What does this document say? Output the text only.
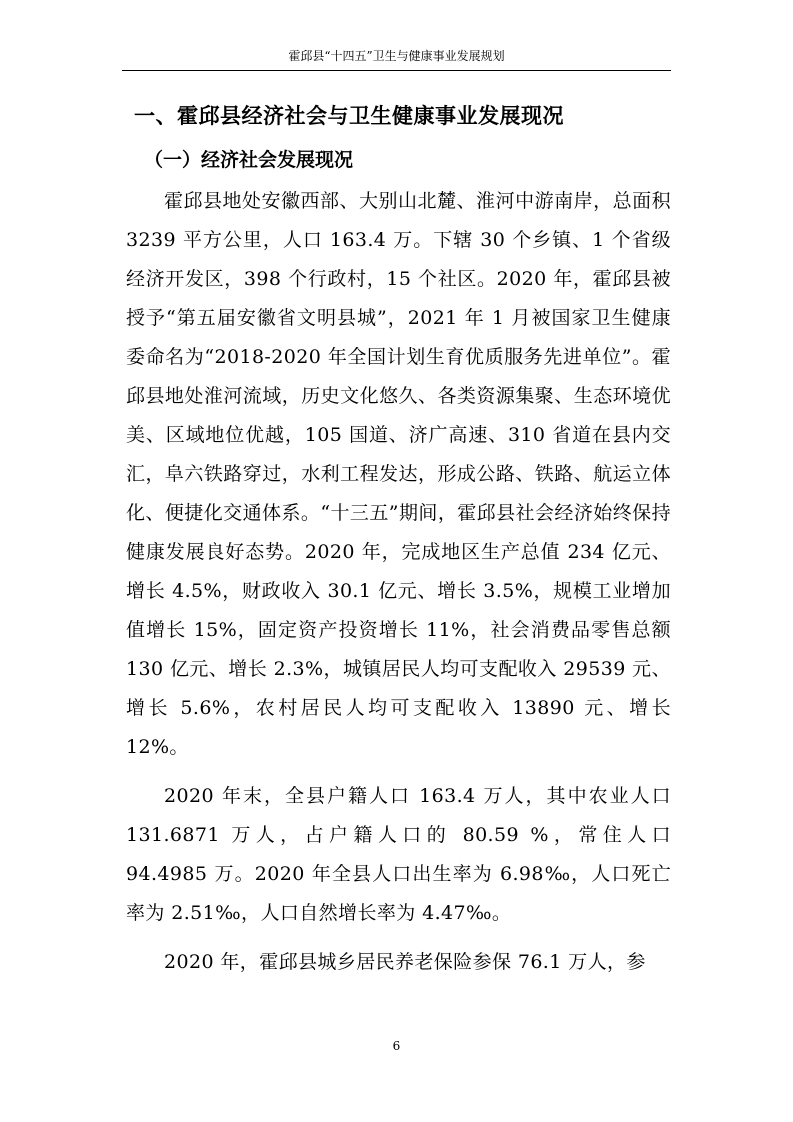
霍邱县“十四五”卫生与健康事业发展规划
一、霍邱县经济社会与卫生健康事业发展现况
（一）经济社会发展现况

霍邱县地处安徽西部、大别山北麓、淮河中游南岸，总面积 3239 平方公里，人口 163.4 万。下辖 30 个乡镇、1 个省级经济开发区，398 个行政村，15 个社区。2020 年，霍邱县被授予“第五届安徽省文明县城”，2021 年 1 月被国家卫生健康委命名为“2018-2020 年全国计划生育优质服务先进单位”。霍邱县地处淮河流域，历史文化悠久、各类资源集聚、生态环境优美、区域地位优越，105 国道、济广高速、310 省道在县内交汇，阜六铁路穿过，水利工程发达，形成公路、铁路、航运立体化、便捷化交通体系。“十三五”期间，霍邱县社会经济始终保持健康发展良好态势。2020 年，完成地区生产总值 234 亿元、增长 4.5%，财政收入 30.1 亿元、增长 3.5%，规模工业增加值增长 15%，固定资产投资增长 11%，社会消费品零售总额 130 亿元、增长 2.3%，城镇居民人均可支配收入 29539 元、增长 5.6%，农村居民人均可支配收入 13890 元、增长 12%。

2020 年末，全县户籍人口 163.4 万人，其中农业人口 131.6871 万人，占户籍人口的 80.59 %，常住人口 94.4985 万。2020 年全县人口出生率为 6.98‰，人口死亡率为 2.51‰，人口自然增长率为 4.47‰。

2020 年，霍邱县城乡居民养老保险参保 76.1 万人，参

6
